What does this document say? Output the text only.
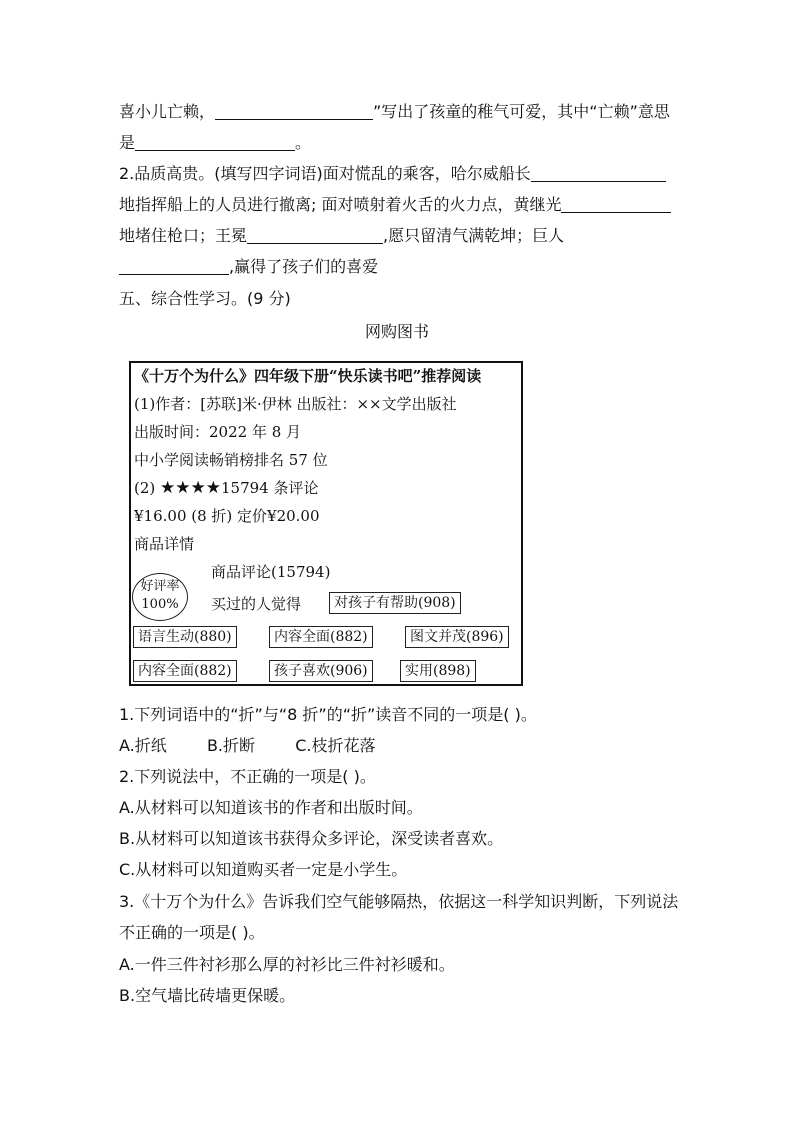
喜小儿亡赖，	”写出了孩童的稚气可爱，其中“亡赖”意思
是	。
2.品质高贵。(填写四字词语)面对慌乱的乘客，哈尔威船长
地指挥船上的人员进行撤离; 面对喷射着火舌的火力点，黄继光
地堵住枪口；王冕	,愿只留清气满乾坤；巨人
,赢得了孩子们的喜爱
五、综合性学习。(9 分)
网购图书
《十万个为什么》四年级下册“快乐读书吧”推荐阅读
(1)作者：[苏联]米·伊林 出版社：××文学出版社
出版时间：2022 年 8 月
中小学阅读畅销榜排名 57 位
(2) ★★★★15794 条评论
¥16.00 (8 折) 定价¥20.00
商品详情
好评率
100%
商品评论(15794)
买过的人觉得	对孩子有帮助(908)
语言生动(880)	内容全面(882)	图文并茂(896)
内容全面(882)	孩子喜欢(906)	实用(898)
1.下列词语中的“折”与“8 折”的“折”读音不同的一项是( )。
A.折纸	B.折断	C.枝折花落
2.下列说法中，不正确的一项是( )。
A.从材料可以知道该书的作者和出版时间。
B.从材料可以知道该书获得众多评论，深受读者喜欢。
C.从材料可以知道购买者一定是小学生。
3.《十万个为什么》告诉我们空气能够隔热，依据这一科学知识判断，下列说法
不正确的一项是( )。
A.一件三件衬衫那么厚的衬衫比三件衬衫暖和。
B.空气墙比砖墙更保暖。
